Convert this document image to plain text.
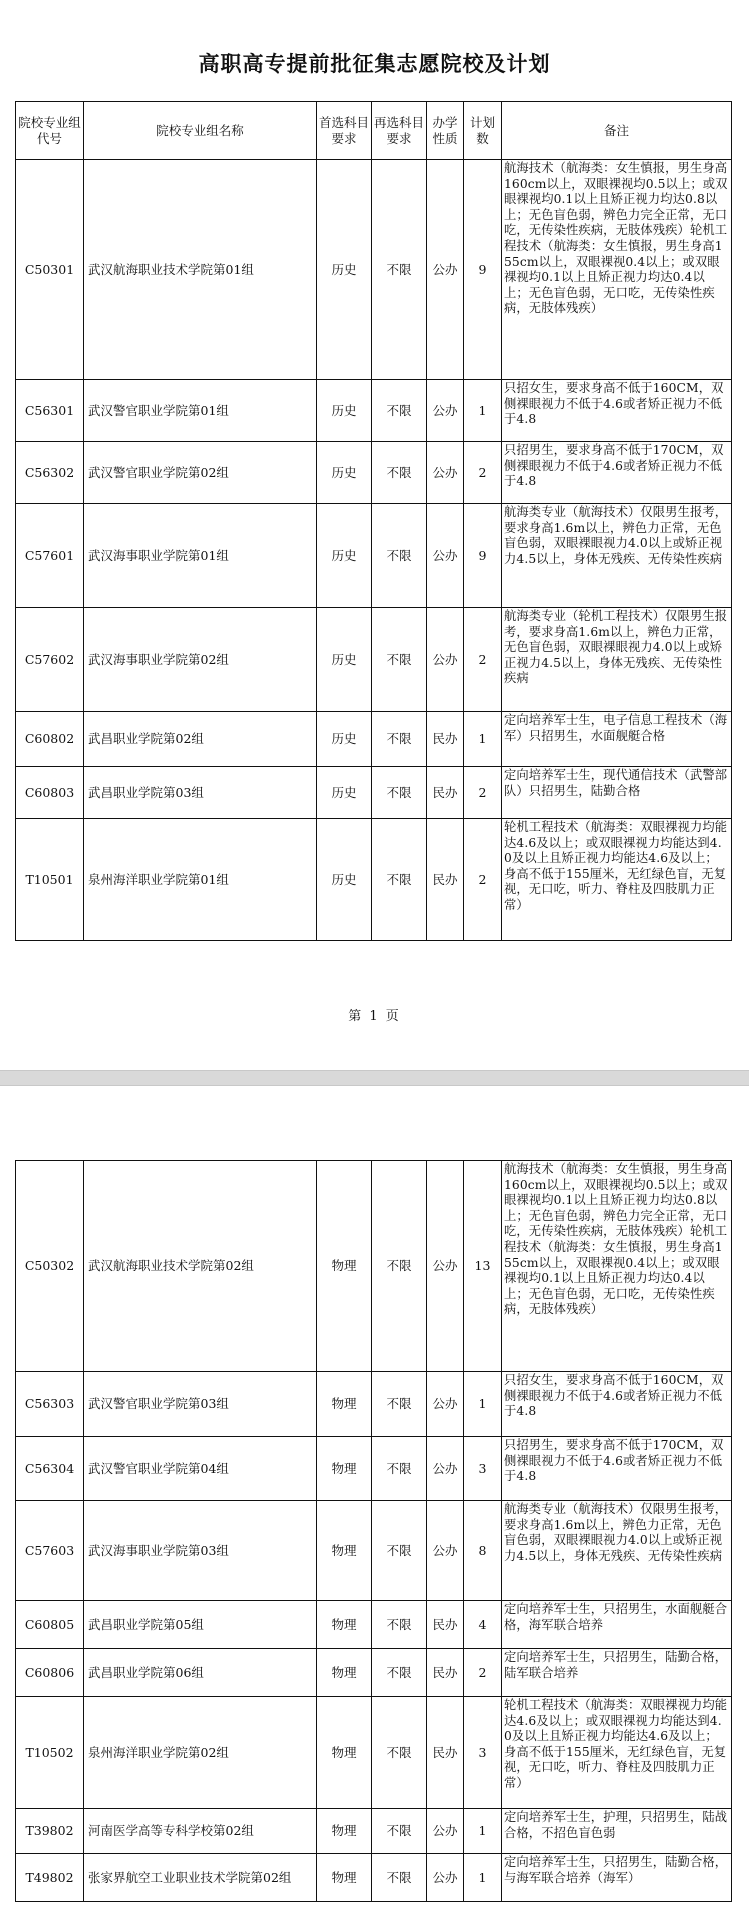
高职高专提前批征集志愿院校及计划
院校专业组代号	院校专业组名称	首选科目要求	再选科目要求	办学性质	计划数	备注
C50301	武汉航海职业技术学院第01组	历史	不限	公办	9	航海技术（航海类：女生慎报，男生身高160cm以上，双眼裸视均0.5以上；或双眼裸视均0.1以上且矫正视力均达0.8以上；无色盲色弱，辨色力完全正常，无口吃，无传染性疾病，无肢体残疾）轮机工程技术（航海类：女生慎报，男生身高155cm以上，双眼裸视0.4以上；或双眼裸视均0.1以上且矫正视力均达0.4以上；无色盲色弱，无口吃，无传染性疾病，无肢体残疾）

C56301	武汉警官职业学院第01组	历史	不限	公办	1	只招女生，要求身高不低于160CM，双侧裸眼视力不低于4.6或者矫正视力不低于4.8

C56302	武汉警官职业学院第02组	历史	不限	公办	2	只招男生，要求身高不低于170CM，双侧裸眼视力不低于4.6或者矫正视力不低于4.8

C57601	武汉海事职业学院第01组	历史	不限	公办	9	航海类专业（航海技术）仅限男生报考，要求身高1.6m以上，辨色力正常，无色盲色弱，双眼裸眼视力4.0以上或矫正视力4.5以上，身体无残疾、无传染性疾病

C57602	武汉海事职业学院第02组	历史	不限	公办	2	航海类专业（轮机工程技术）仅限男生报考，要求身高1.6m以上，辨色力正常，无色盲色弱，双眼裸眼视力4.0以上或矫正视力4.5以上，身体无残疾、无传染性疾病

C60802	武昌职业学院第02组	历史	不限	民办	1	定向培养军士生，电子信息工程技术（海军）只招男生，水面舰艇合格

C60803	武昌职业学院第03组	历史	不限	民办	2	定向培养军士生，现代通信技术（武警部队）只招男生，陆勤合格

T10501	泉州海洋职业学院第01组	历史	不限	民办	2	轮机工程技术（航海类：双眼裸视力均能达4.6及以上；或双眼裸视力均能达到4.0及以上且矫正视力均能达4.6及以上；身高不低于155厘米，无红绿色盲，无复视，无口吃，听力、脊柱及四肢肌力正常）
第 1 页
C50302	武汉航海职业技术学院第02组	物理	不限	公办	13	航海技术（航海类：女生慎报，男生身高160cm以上，双眼裸视均0.5以上；或双眼裸视均0.1以上且矫正视力均达0.8以上；无色盲色弱，辨色力完全正常，无口吃，无传染性疾病，无肢体残疾）轮机工程技术（航海类：女生慎报，男生身高155cm以上，双眼裸视0.4以上；或双眼裸视均0.1以上且矫正视力均达0.4以上；无色盲色弱，无口吃，无传染性疾病，无肢体残疾）

C56303	武汉警官职业学院第03组	物理	不限	公办	1	只招女生，要求身高不低于160CM，双侧裸眼视力不低于4.6或者矫正视力不低于4.8

C56304	武汉警官职业学院第04组	物理	不限	公办	3	只招男生，要求身高不低于170CM，双侧裸眼视力不低于4.6或者矫正视力不低于4.8

C57603	武汉海事职业学院第03组	物理	不限	公办	8	航海类专业（航海技术）仅限男生报考，要求身高1.6m以上，辨色力正常，无色盲色弱，双眼裸眼视力4.0以上或矫正视力4.5以上，身体无残疾、无传染性疾病

C60805	武昌职业学院第05组	物理	不限	民办	4	定向培养军士生，只招男生，水面舰艇合格，海军联合培养

C60806	武昌职业学院第06组	物理	不限	民办	2	定向培养军士生，只招男生，陆勤合格，陆军联合培养

T10502	泉州海洋职业学院第02组	物理	不限	民办	3	轮机工程技术（航海类：双眼裸视力均能达4.6及以上；或双眼裸视力均能达到4.0及以上且矫正视力均能达4.6及以上；身高不低于155厘米，无红绿色盲，无复视，无口吃，听力、脊柱及四肢肌力正常）

T39802	河南医学高等专科学校第02组	物理	不限	公办	1	定向培养军士生，护理，只招男生，陆战合格，不招色盲色弱

T49802	张家界航空工业职业技术学院第02组	物理	不限	公办	1	定向培养军士生，只招男生，陆勤合格，与海军联合培养（海军）
